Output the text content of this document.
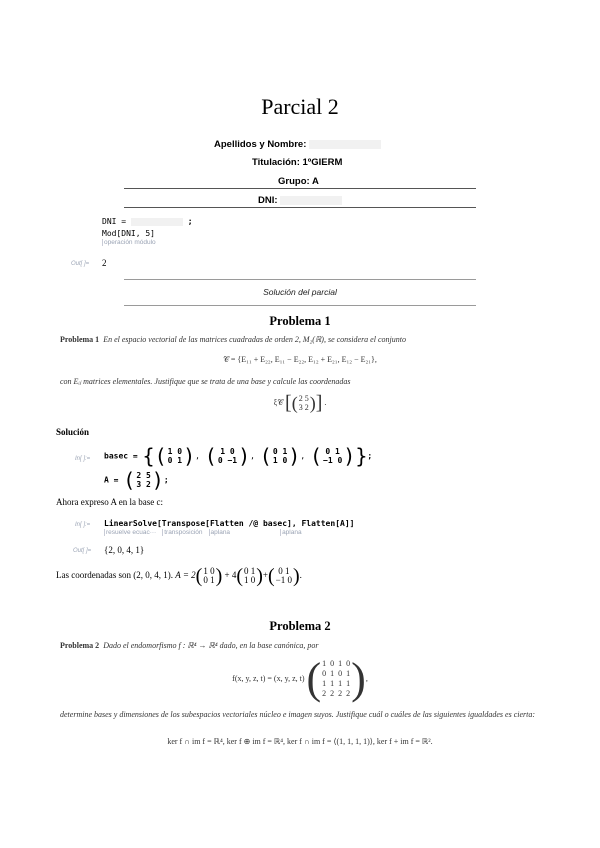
Parcial 2
Apellidos y Nombre:
Titulación: 1ºGIERM
Grupo: A
DNI:
DNI =	;
Mod[DNI, 5]
operación módulo
Out[ ]= 2
Solución del parcial
Problema 1
Problema 1 En el espacio vectorial de las matrices cuadradas de orden 2, M₂(ℝ), se considera el conjunto
𝒞 = {E₁₁ + E₂₂, E₁₁ − E₂₂, E₁₂ + E₂₁, E₁₂ − E₂₁},
con Eᵢⱼ matrices elementales. Justifique que se trata de una base y calcule las coordenadas
ξ𝒞 [ ( 2 5
3 2 ) ] .
Solución
In[ ]:= basec = { ( 1 0
0 1 ) , ( 1 0
0 −1 ) , ( 0 1
1 0 ) , ( 0 1
−1 0 ) } ;
A = ( 2 5
3 2 ) ;
Ahora expreso A en la base c:
In[ ]:= LinearSolve[Transpose[Flatten /@ basec], Flatten[A]]
resuelve ecuac··· transposición aplana	aplana
Out[ ]= {2, 0, 4, 1}
Las coordenadas son (2, 0, 4, 1). A = 2 ( 1 0
0 1 ) + 4 ( 0 1
1 0 ) + ( 0 1
−1 0 ) .
Problema 2
Problema 2 Dado el endomorfismo f : ℝ⁴ → ℝ⁴ dado, en la base canónica, por
f(x, y, z, t) = (x, y, z, t) ( 1  0  1  0
0  1  0  1
1  1  1  1
2  2  2  2 ) ,
determine bases y dimensiones de los subespacios vectoriales núcleo e imagen suyos. Justifique cuál o cuáles de las siguientes igualdades es cierta:
ker f ∩ im f = ℝ⁴, ker f ⊕ im f = ℝ⁴, ker f ∩ im f = ⟨(1, 1, 1, 1)⟩, ker f + im f = ℝ².
